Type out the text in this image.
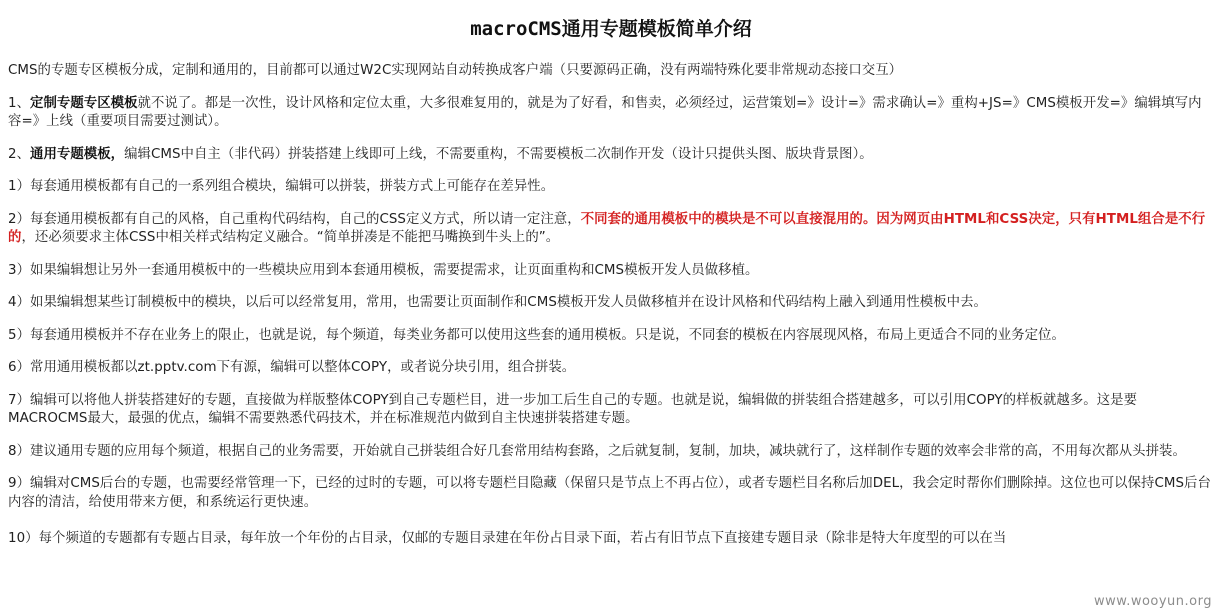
macroCMS通用专题模板简单介绍

CMS的专题专区模板分成，定制和通用的，目前都可以通过W2C实现网站自动转换成客户端（只要源码正确，没有两端特殊化要非常规动态接口交互）

1、定制专题专区模板就不说了。都是一次性，设计风格和定位太重，大多很难复用的，就是为了好看，和售卖，必须经过，运营策划=》设计=》需求确认=》重构+JS=》CMS模板开发=》编辑填写内容=》上线（重要项目需要过测试）。

2、通用专题模板，编辑CMS中自主（非代码）拼装搭建上线即可上线，不需要重构，不需要模板二次制作开发（设计只提供头图、版块背景图）。

1）每套通用模板都有自己的一系列组合模块，编辑可以拼装，拼装方式上可能存在差异性。

2）每套通用模板都有自己的风格，自己重构代码结构，自己的CSS定义方式，所以请一定注意，不同套的通用模板中的模块是不可以直接混用的。因为网页由HTML和CSS决定，只有HTML组合是不行的，还必须要求主体CSS中相关样式结构定义融合。“简单拼凑是不能把马嘴换到牛头上的”。

3）如果编辑想让另外一套通用模板中的一些模块应用到本套通用模板，需要提需求，让页面重构和CMS模板开发人员做移植。

4）如果编辑想某些订制模板中的模块，以后可以经常复用，常用，也需要让页面制作和CMS模板开发人员做移植并在设计风格和代码结构上融入到通用性模板中去。

5）每套通用模板并不存在业务上的限止，也就是说，每个频道，每类业务都可以使用这些套的通用模板。只是说，不同套的模板在内容展现风格，布局上更适合不同的业务定位。

6）常用通用模板都以zt.pptv.com下有源，编辑可以整体COPY，或者说分块引用，组合拼装。

7）编辑可以将他人拼装搭建好的专题，直接做为样版整体COPY到自己专题栏目，进一步加工后生自己的专题。也就是说，编辑做的拼装组合搭建越多，可以引用COPY的样板就越多。这是要MACROCMS最大，最强的优点，编辑不需要熟悉代码技术，并在标准规范内做到自主快速拼装搭建专题。

8）建议通用专题的应用每个频道，根据自己的业务需要，开始就自己拼装组合好几套常用结构套路，之后就复制，复制，加块，减块就行了，这样制作专题的效率会非常的高，不用每次都从头拼装。

9）编辑对CMS后台的专题，也需要经常管理一下，已经的过时的专题，可以将专题栏目隐藏（保留只是节点上不再占位），或者专题栏目名称后加DEL，我会定时帮你们删除掉。这位也可以保持CMS后台内容的清洁，给使用带来方便，和系统运行更快速。

10）每个频道的专题都有专题占目录，每年放一个年份的占目录，仅邮的专题目录建在年份占目录下面，若占有旧节点下直接建专题目录（除非是特大年度型的可以在当

www.wooyun.org
